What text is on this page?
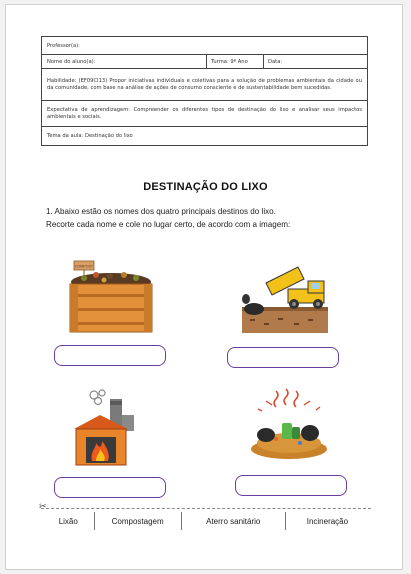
Professor(a):
Nome do aluno(a):	Turma: 9º Ano	Data:
Habilidade: (EF09CI13) Propor iniciativas individuais e coletivas para a solução de problemas ambientais da cidade ou da comunidade, com base na análise de ações de consumo consciente e de sustentabilidade bem sucedidas.
Expectativa de aprendizagem: Compreender os diferentes tipos de destinação do lixo e analisar seus impactos ambientais e sociais.
Tema da aula: Destinação do lixo
DESTINAÇÃO DO LIXO
1. Abaixo estão os nomes dos quatro principais destinos do lixo.
Recorte cada nome e cole no lugar certo, de acordo com a imagem:
COMPOST
✂
Lixão	Compostagem	Aterro sanitário	Incineração
